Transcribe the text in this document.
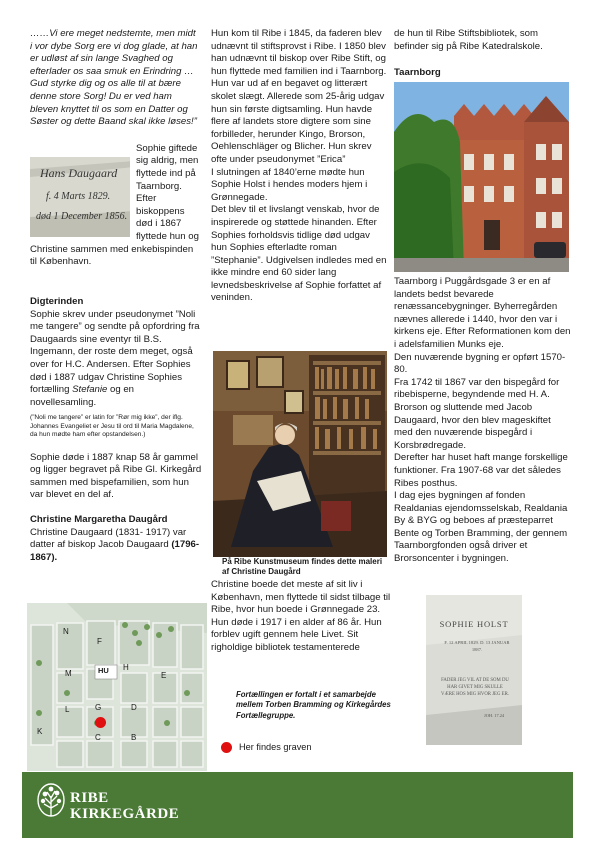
……Vi ere meget nedstemte, men midt i vor dybe Sorg ere vi dog glade, at han er udløst af sin lange Svaghed og efterlader os saa smuk en Erindring …Gud styrke dig og os alle til at bære denne store Sorg! Du er ved ham bleven knyttet til os som en Datter og Søster og dette Baand skal ikke løses!”

Hans Daugaard
f. 4 Marts 1829.
død 1 December 1856.

Sophie giftede sig aldrig, men flyttede ind på Taarnborg. Efter biskoppens død i 1867 flyttede hun og Christine sammen med enkebispinden til København.

Digterinden

Sophie skrev under pseudonymet ”Noli me tangere” og sendte på opfordring fra Daugaards sine eventyr til B.S. Ingemann, der roste dem meget, også over for H.C. Andersen. Efter Sophies død i 1887 udgav Christine Sophies fortælling Stefanie og en novellesamling.

(”Noli me tangere” er latin for ”Rør mig ikke”, der iflg. Johannes Evangeliet er Jesu til ord til Maria Magdalene, da hun mødte ham efter opstandelsen.)

Sophie døde i 1887 knap 58 år gammel og ligger begravet på Ribe Gl. Kirkegård sammen med bispefamilien, som hun var blevet en del af.

Christine Margaretha Daugård

Christine Daugaard (1831- 1917) var datter af biskop Jacob Daugaard (1796-1867).

N
F
M	HU H
E
L	G	D
K
C	B

Hun kom til Ribe i 1845, da faderen blev udnævnt til stiftsprovst i Ribe. I 1850 blev han udnævnt til biskop over Ribe Stift, og hun flyttede med familien ind i Taarnborg.

Hun var ud af en begavet og litterært skolet slægt. Allerede som 25-årig udgav hun sin første digtsamling. Hun havde flere af landets store digtere som sine forbilleder, herunder Kingo, Brorson, Oehlenschläger og Blicher. Hun skrev ofte under pseudonymet ”Erica”

I slutningen af 1840’erne mødte hun Sophie Holst i hendes moders hjem i Grønnegade.

Det blev til et livslangt venskab, hvor de inspirerede og støttede hinanden. Efter Sophies forholdsvis tidlige død udgav hun Sophies efterladte roman ”Stephanie”. Udgivelsen indledes med en ikke mindre end 60 sider lang levnedsbeskrivelse af Sophie forfattet af veninden.

På Ribe Kunstmuseum findes dette maleri af Christine Daugård

Christine boede det meste af sit liv i København, men flyttede til sidst tilbage til Ribe, hvor hun boede i Grønnegade 23.

Hun døde i 1917 i en alder af 86 år. Hun forblev ugift gennem hele Livet. Sit righoldige bibliotek testamenterede

Fortællingen er fortalt i et samarbejde mellem Torben Bramming og Kirkegårdes Fortællegruppe.

Her findes graven

de hun til Ribe Stiftsbibliotek, som befinder sig på Ribe Katedralskole.

Taarnborg

Taarnborg i Puggårdsgade 3 er en af landets bedst bevarede renæssancebygninger. Byherregården nævnes allerede i 1440, hvor den var i kirkens eje. Efter Reformationen kom den i adelsfamilien Munks eje.

Den nuværende bygning er opført 1570-80.

Fra 1742 til 1867 var den bispegård for ribebisperne, begyndende med H. A. Brorson og sluttende med Jacob Daugaard, hvor den blev mageskiftet med den nuværende bispegård i Korsbrødregade.

Derefter har huset haft mange forskellige funktioner. Fra 1907-68 var det således Ribes posthus.

I dag ejes bygningen af fonden Realdanias ejendomsselskab, Realdania By & BYG og beboes af præsteparret Bente og Torben Bramming, der gennem Taarnborgfonden også driver et Brorsoncenter i bygningen.

SOPHIE HOLST
F. 12 APRIL 1829. D. 13 JANUAR 1887.
FADER JEG VIL AT DE SOM DU HAR GIVET MIG SKULLE VÆRE HOS MIG HVOR JEG ER.
JOH. 17.24
RIBE
KIRKEGÅRDE
